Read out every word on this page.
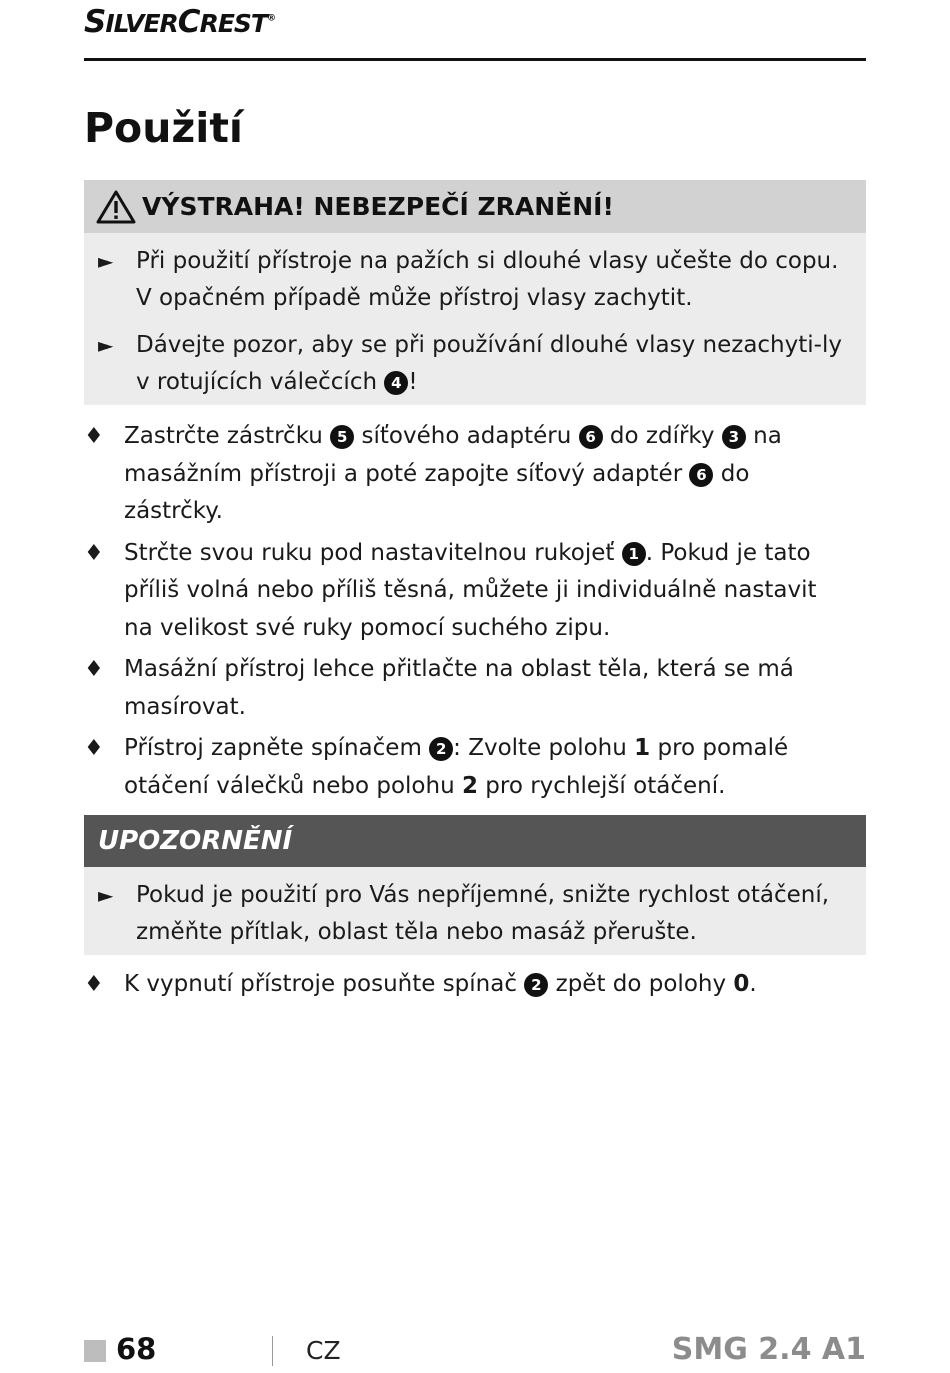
SILVERCREST®
Použití
VÝSTRAHA! NEBEZPEČÍ ZRANĚNÍ!
► Při použití přístroje na pažích si dlouhé vlasy učešte do copu. V opačném případě může přístroj vlasy zachytit.
► Dávejte pozor, aby se při používání dlouhé vlasy nezachyti-ly v rotujících válečcích 4 !
♦ Zastrčte zástrčku 5 síťového adaptéru 6 do zdířky 3 na masážním přístroji a poté zapojte síťový adaptér 6 do zástrčky.
♦ Strčte svou ruku pod nastavitelnou rukojeť 1 . Pokud je tato příliš volná nebo příliš těsná, můžete ji individuálně nastavit na velikost své ruky pomocí suchého zipu.
♦ Masážní přístroj lehce přitlačte na oblast těla, která se má masírovat.
♦ Přístroj zapněte spínačem 2 : Zvolte polohu 1 pro pomalé otáčení válečků nebo polohu 2 pro rychlejší otáčení.
UPOZORNĚNÍ
► Pokud je použití pro Vás nepříjemné, snižte rychlost otáčení, změňte přítlak, oblast těla nebo masáž přerušte.
♦ K vypnutí přístroje posuňte spínač 2 zpět do polohy 0.
68	CZ	SMG 2.4 A1
